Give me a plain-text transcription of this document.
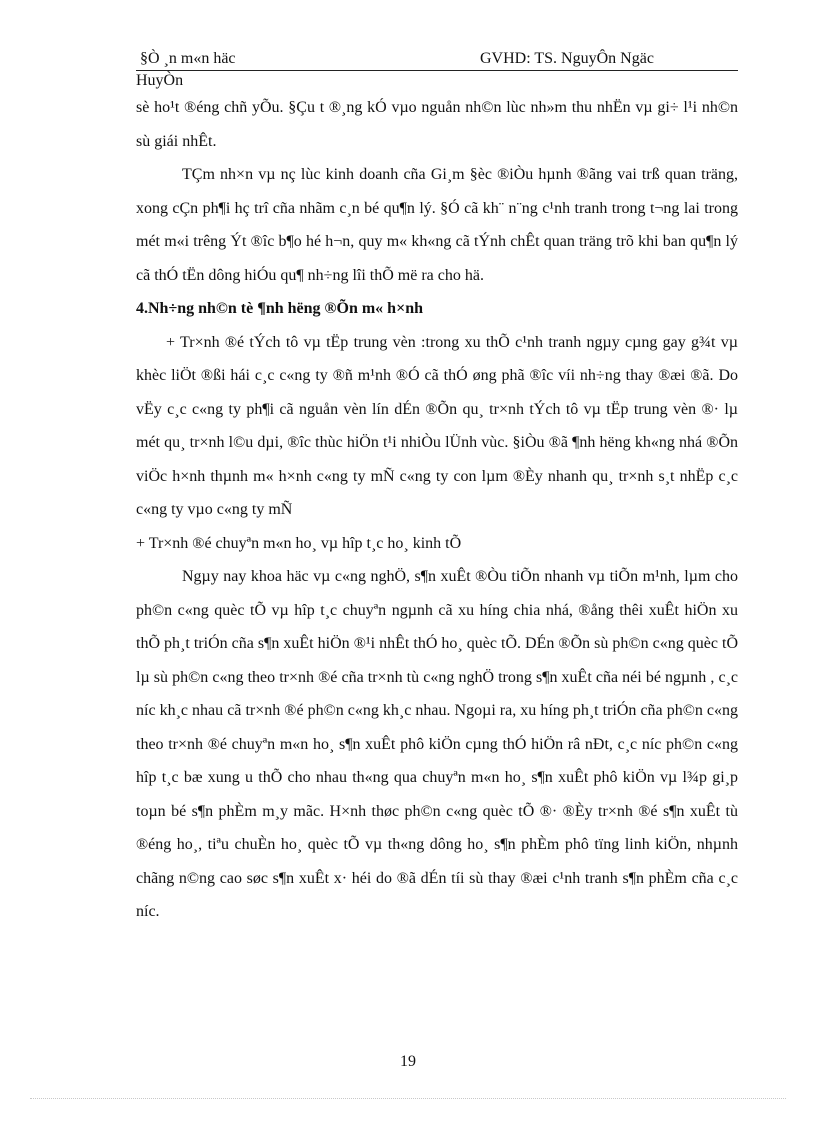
§Ò ¸n m«n häc	GVHD: TS. NguyÔn Ngäc
HuyÒn

sè ho¹t ®éng chñ yÕu. §Çu t ®¸ng kÓ vµo nguån nh©n lùc nh»m thu nhËn vµ gi÷ l¹i nh©n sù giái nhÊt.

TÇm nh×n vµ nç lùc kinh doanh cña Gi¸m §èc ®iÒu hµnh ®ãng vai trß quan träng, xong cÇn ph¶i hç trî cña nhãm c¸n bé qu¶n lý. §Ó cã kh¨ n¨ng c¹nh tranh trong t¬ng lai trong mét m«i trêng Ýt ®îc b¶o hé h¬n, quy m« kh«ng cã tÝnh chÊt quan träng trõ khi ban qu¶n lý cã thÓ tËn dông hiÓu qu¶ nh÷ng lîi thÕ më ra cho hä.

4.Nh÷ng nh©n tè ¶nh hëng ®Õn m« h×nh

+ Tr×nh ®é tÝch tô vµ tËp trung vèn :trong xu thÕ c¹nh tranh ngµy cµng gay g¾t vµ khèc liÖt ®ßi hái c¸c c«ng ty ®ñ m¹nh ®Ó cã thÓ øng phã ®îc víi nh÷ng thay ®æi ®ã. Do vËy c¸c c«ng ty ph¶i cã nguån vèn lín dÉn ®Õn qu¸ tr×nh tÝch tô vµ tËp trung vèn ®· lµ mét qu¸ tr×nh l©u dµi, ®îc thùc hiÖn t¹i nhiÒu lÜnh vùc. §iÒu ®ã ¶nh hëng kh«ng nhá ®Õn viÖc h×nh thµnh m« h×nh c«ng ty mÑ c«ng ty con lµm ®Èy nhanh qu¸ tr×nh s¸t nhËp c¸c c«ng ty vµo c«ng ty mÑ

+ Tr×nh ®é chuyªn m«n ho¸ vµ hîp t¸c ho¸ kinh tÕ

Ngµy nay khoa häc vµ c«ng nghÖ, s¶n xuÊt ®Òu tiÕn nhanh vµ tiÕn m¹nh, lµm cho ph©n c«ng quèc tÕ vµ hîp t¸c chuyªn ngµnh cã xu híng chia nhá, ®ång thêi xuÊt hiÖn xu thÕ ph¸t triÓn cña s¶n xuÊt hiÖn ®¹i nhÊt thÓ ho¸ quèc tÕ. DÉn ®Õn sù ph©n c«ng quèc tÕ lµ sù ph©n c«ng theo tr×nh ®é cña tr×nh tù c«ng nghÖ trong s¶n xuÊt cña néi bé ngµnh , c¸c níc kh¸c nhau cã tr×nh ®é ph©n c«ng kh¸c nhau. Ngoµi ra, xu híng ph¸t triÓn cña ph©n c«ng theo tr×nh ®é chuyªn m«n ho¸ s¶n xuÊt phô kiÖn cµng thÓ hiÖn râ nÐt, c¸c níc ph©n c«ng hîp t¸c bæ xung u thÕ cho nhau th«ng qua chuyªn m«n ho¸ s¶n xuÊt phô kiÖn vµ l¾p gi¸p toµn bé s¶n phÈm m¸y mãc. H×nh thøc ph©n c«ng quèc tÕ ®· ®Èy tr×nh ®é s¶n xuÊt tù ®éng ho¸, tiªu chuÈn ho¸ quèc tÕ vµ th«ng dông ho¸ s¶n phÈm phô tïng linh kiÖn, nhµnh chãng n©ng cao søc s¶n xuÊt x· héi do ®ã dÉn tíi sù thay ®æi c¹nh tranh s¶n phÈm cña c¸c níc.

19
